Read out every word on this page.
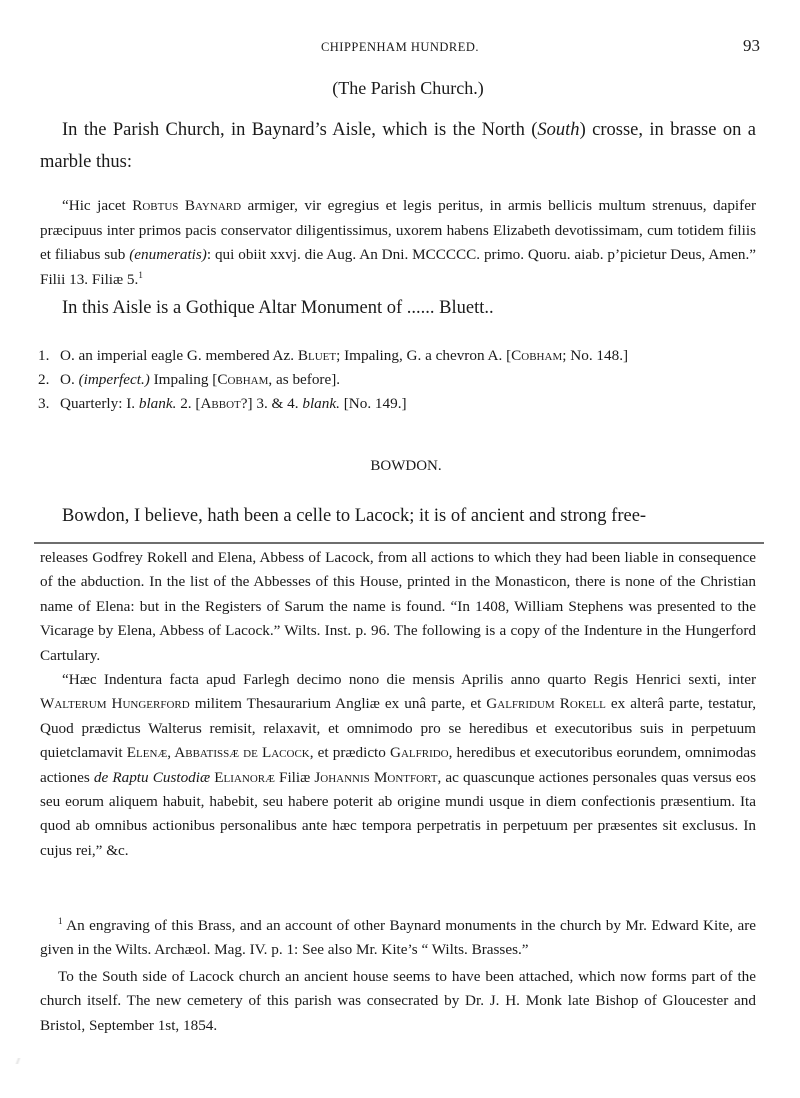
CHIPPENHAM HUNDRED.	93
(The Parish Church.)
In the Parish Church, in Baynard’s Aisle, which is the North (South) crosse, in brasse on a marble thus:
“Hic jacet Robtus Baynard armiger, vir egregius et legis peritus, in armis bellicis multum strenuus, dapifer præcipuus inter primos pacis conservator diligentissimus, uxorem habens Elizabeth devotissimam, cum totidem filiis et filiabus sub (enumeratis): qui obiit xxvj. die Aug. An Dni. MCCCCC. primo. Quoru. aiab. p’picietur Deus, Amen.” Filii 13. Filiæ 5.$^1$
In this Aisle is a Gothique Altar Monument of ...... Bluett..
1. O. an imperial eagle G. membered Az. Bluet; Impaling, G. a chevron A. [Cobham; No. 148.]
2. O. (imperfect.) Impaling [Cobham, as before].
3. Quarterly: I. blank. 2. [Abbot?] 3. & 4. blank. [No. 149.]
BOWDON.
Bowdon, I believe, hath been a celle to Lacock; it is of ancient and strong free-

releases Godfrey Rokell and Elena, Abbess of Lacock, from all actions to which they had been liable in consequence of the abduction. In the list of the Abbesses of this House, printed in the Monasticon, there is none of the Christian name of Elena: but in the Registers of Sarum the name is found. “In 1408, William Stephens was presented to the Vicarage by Elena, Abbess of Lacock.” Wilts. Inst. p. 96. The following is a copy of the Indenture in the Hungerford Cartulary.

“Hæc Indentura facta apud Farlegh decimo nono die mensis Aprilis anno quarto Regis Henrici sexti, inter Walterum Hungerford militem Thesaurarium Angliæ ex unâ parte, et Galfridum Rokell ex alterâ parte, testatur, Quod prædictus Walterus remisit, relaxavit, et omnimodo pro se heredibus et executoribus suis in perpetuum quietclamavit Elenæ, Abbatissæ de Lacock, et prædicto Galfrido, heredibus et executoribus eorundem, omnimodas actiones de Raptu Custodiæ Elianoræ Filiæ Johannis Montfort, ac quascunque actiones personales quas versus eos seu eorum aliquem habuit, habebit, seu habere poterit ab origine mundi usque in diem confectionis præsentium. Ita quod ab omnibus actionibus personalibus ante hæc tempora perpetratis in perpetuum per præsentes sit exclusus. In cujus rei,” &c.

$^1$ An engraving of this Brass, and an account of other Baynard monuments in the church by Mr. Edward Kite, are given in the Wilts. Archæol. Mag. IV. p. 1: See also Mr. Kite’s “ Wilts. Brasses.”

To the South side of Lacock church an ancient house seems to have been attached, which now forms part of the church itself. The new cemetery of this parish was consecrated by Dr. J. H. Monk late Bishop of Gloucester and Bristol, September 1st, 1854.
